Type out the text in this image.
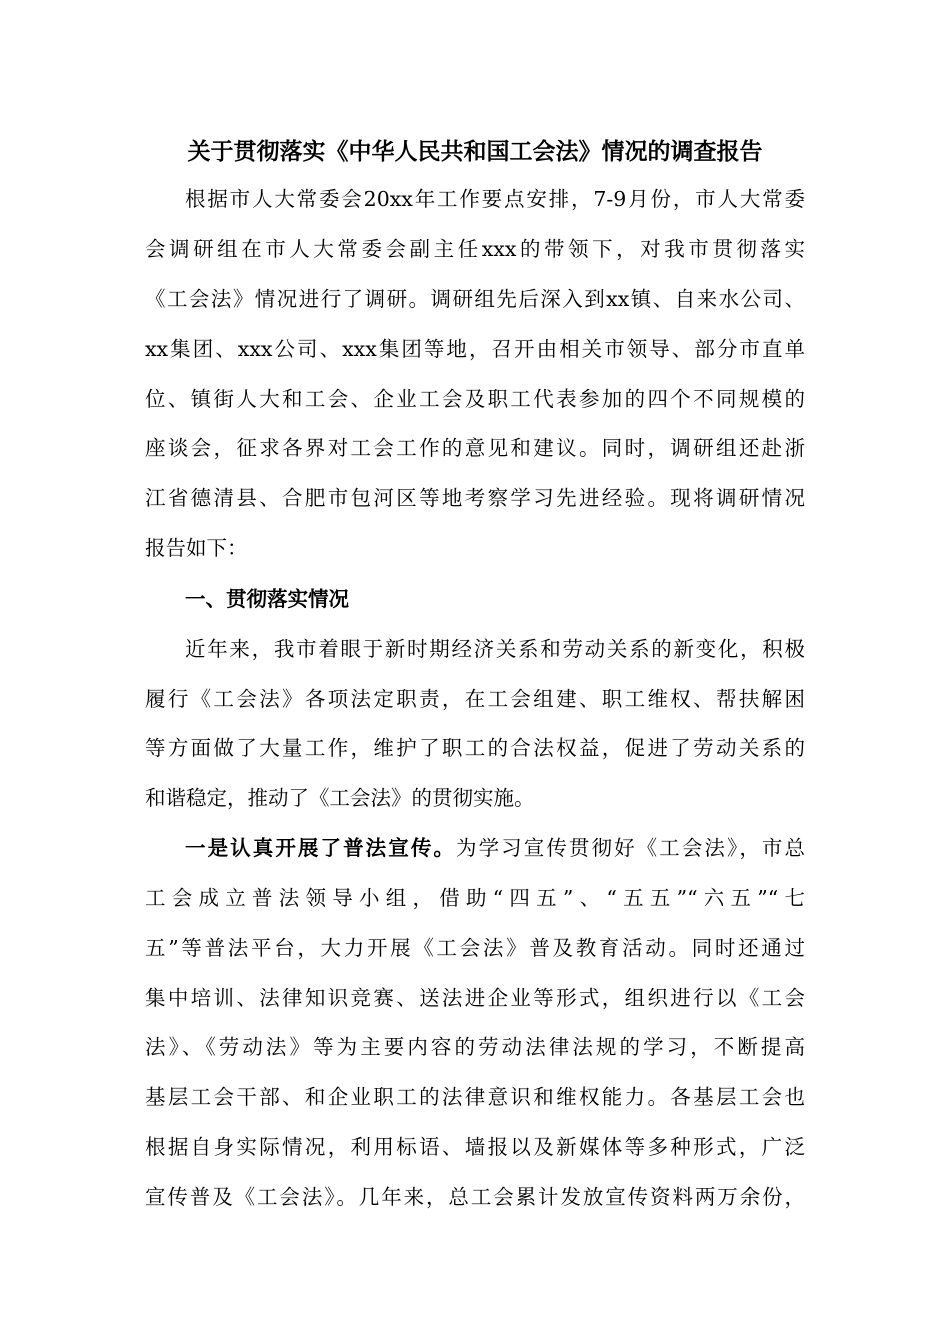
关于贯彻落实《中华人民共和国工会法》情况的调查报告

根据市人大常委会20xx年工作要点安排，7-9月份，市人大常委

会调研组在市人大常委会副主任xxx的带领下，对我市贯彻落实

《工会法》情况进行了调研。调研组先后深入到xx镇、自来水公司、

xx集团、xxx公司、xxx集团等地，召开由相关市领导、部分市直单

位、镇街人大和工会、企业工会及职工代表参加的四个不同规模的

座谈会，征求各界对工会工作的意见和建议。同时，调研组还赴浙

江省德清县、合肥市包河区等地考察学习先进经验。现将调研情况

报告如下：

一、贯彻落实情况

近年来，我市着眼于新时期经济关系和劳动关系的新变化，积极

履行《工会法》各项法定职责，在工会组建、职工维权、帮扶解困

等方面做了大量工作，维护了职工的合法权益，促进了劳动关系的

和谐稳定，推动了《工会法》的贯彻实施。

一是认真开展了普法宣传。为学习宣传贯彻好《工会法》，市总

工会成立普法领导小组，借助“四五”、“五五”“六五”“七

五”等普法平台，大力开展《工会法》普及教育活动。同时还通过

集中培训、法律知识竞赛、送法进企业等形式，组织进行以《工会

法》、《劳动法》等为主要内容的劳动法律法规的学习，不断提高

基层工会干部、和企业职工的法律意识和维权能力。各基层工会也

根据自身实际情况，利用标语、墙报以及新媒体等多种形式，广泛

宣传普及《工会法》。几年来，总工会累计发放宣传资料两万余份，
